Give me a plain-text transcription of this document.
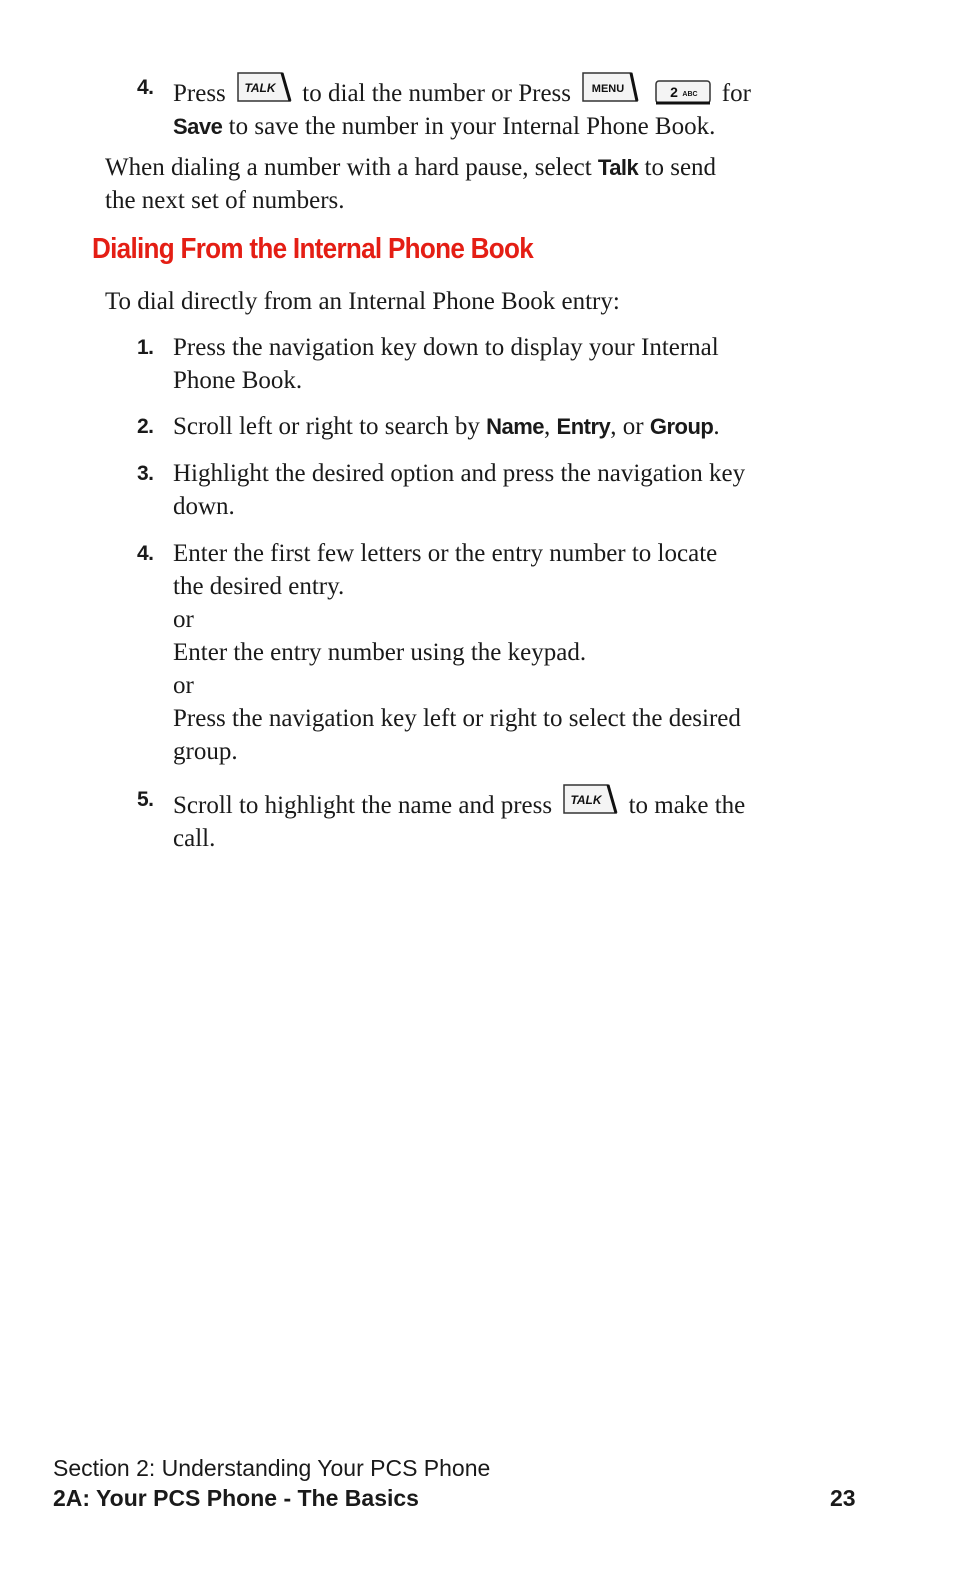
4. Press TALK to dial the number or Press MENU
	2 ABC for
Save to save the number in your Internal Phone Book.
When dialing a number with a hard pause, select Talk to send
the next set of numbers.
Dialing From the Internal Phone Book
To dial directly from an Internal Phone Book entry:
1. Press the navigation key down to display your Internal
Phone Book.
2. Scroll left or right to search by Name, Entry, or Group.
3. Highlight the desired option and press the navigation key
down.
4. Enter the first few letters or the entry number to locate
the desired entry.
or
Enter the entry number using the keypad.
or
Press the navigation key left or right to select the desired
group.
5. Scroll to highlight the name and press TALK to make the
call.
Section 2: Understanding Your PCS Phone
2A: Your PCS Phone - The Basics	23
